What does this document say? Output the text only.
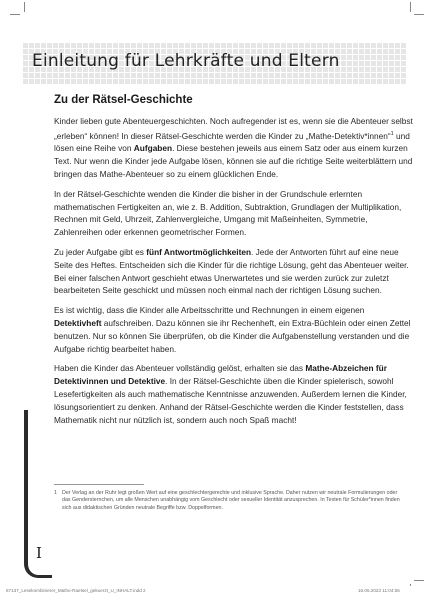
Einleitung für Lehrkräfte und Eltern
Zu der Rätsel-Geschichte

Kinder lieben gute Abenteuergeschichten. Noch aufregender ist es, wenn sie die Abenteuer selbst „erleben“ können! In dieser Rätsel-Geschichte werden die Kinder zu „Mathe-Detektiv*innen“$^1$ und lösen eine Reihe von Aufgaben. Diese bestehen jeweils aus einem Satz oder aus einem kurzen Text. Nur wenn die Kinder jede Aufgabe lösen, können sie auf die richtige Seite weiterblättern und bringen das Mathe-Abenteuer so zu einem glücklichen Ende.

In der Rätsel-Geschichte wenden die Kinder die bisher in der Grundschule erlernten mathematischen Fertigkeiten an, wie z. B. Addition, Subtraktion, Grundlagen der Multiplikation, Rechnen mit Geld, Uhrzeit, Zahlenvergleiche, Umgang mit Maßeinheiten, Symmetrie, Zahlenreihen oder erkennen geometrischer Formen.

Zu jeder Aufgabe gibt es fünf Antwortmöglichkeiten. Jede der Antworten führt auf eine neue Seite des Heftes. Entscheiden sich die Kinder für die richtige Lösung, geht das Abenteuer weiter. Bei einer falschen Antwort geschieht etwas Unerwartetes und sie werden zurück zur zuletzt bearbeiteten Seite geschickt und müssen noch einmal nach der richtigen Lösung suchen.

Es ist wichtig, dass die Kinder alle Arbeitsschritte und Rechnungen in einem eigenen Detektivheft aufschreiben. Dazu können sie ihr Rechenheft, ein Extra-Büchlein oder einen Zettel benutzen. Nur so können Sie überprüfen, ob die Kinder die Aufgabenstellung verstanden und die Aufgabe richtig bearbeitet haben.

Haben die Kinder das Abenteuer vollständig gelöst, erhalten sie das Mathe-Abzeichen für Detektivinnen und Detektive. In der Rätsel-Geschichte üben die Kinder spielerisch, sowohl Lesefertigkeiten als auch mathematische Kenntnisse anzuwenden. Außerdem lernen die Kinder, lösungsorientiert zu denken. Anhand der Rätsel-Geschichte werden die Kinder feststellen, dass Mathematik nicht nur nützlich ist, sondern auch noch Spaß macht!

1 Der Verlag an der Ruhr legt großen Wert auf eine geschlechtergerechte und inklusive Sprache. Daher nutzen wir neutrale Formulierungen oder das Gendersternchen, um alle Menschen unabhängig vom Geschlecht oder sexueller Identität anzusprechen. In Texten für Schüler*innen finden sich aus didaktischen Gründen neutrale Begriffe bzw. Doppelformen.
I
67137_Lesekombinierer_Matho-Raetsel_gekuerzt_U_INHALT.indd 2	16.05.2023 11:04:55
